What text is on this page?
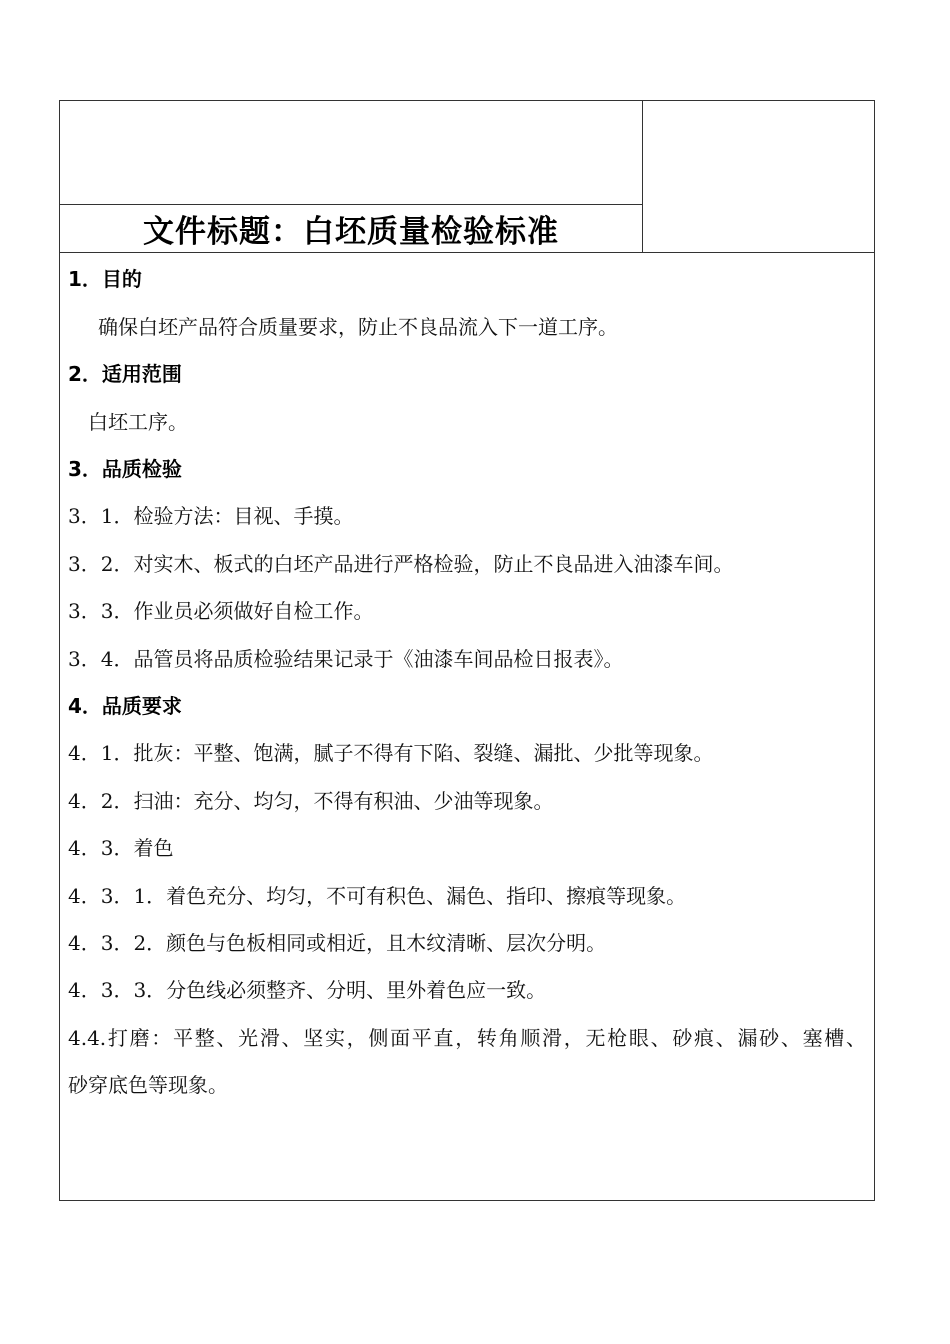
文件标题：白坯质量检验标准
1．目的
确保白坯产品符合质量要求，防止不良品流入下一道工序。
2．适用范围
白坯工序。
3．品质检验
3．1．检验方法：目视、手摸。
3．2．对实木、板式的白坯产品进行严格检验，防止不良品进入油漆车间。
3．3．作业员必须做好自检工作。
3．4．品管员将品质检验结果记录于《油漆车间品检日报表》。
4．品质要求
4．1．批灰：平整、饱满，腻子不得有下陷、裂缝、漏批、少批等现象。
4．2．扫油：充分、均匀，不得有积油、少油等现象。
4．3．着色
4．3．1．着色充分、均匀，不可有积色、漏色、指印、擦痕等现象。
4．3．2．颜色与色板相同或相近，且木纹清晰、层次分明。
4．3．3．分色线必须整齐、分明、里外着色应一致。
4.4.打磨：平整、光滑、坚实，侧面平直，转角顺滑，无枪眼、砂痕、漏砂、塞槽、
砂穿底色等现象。
